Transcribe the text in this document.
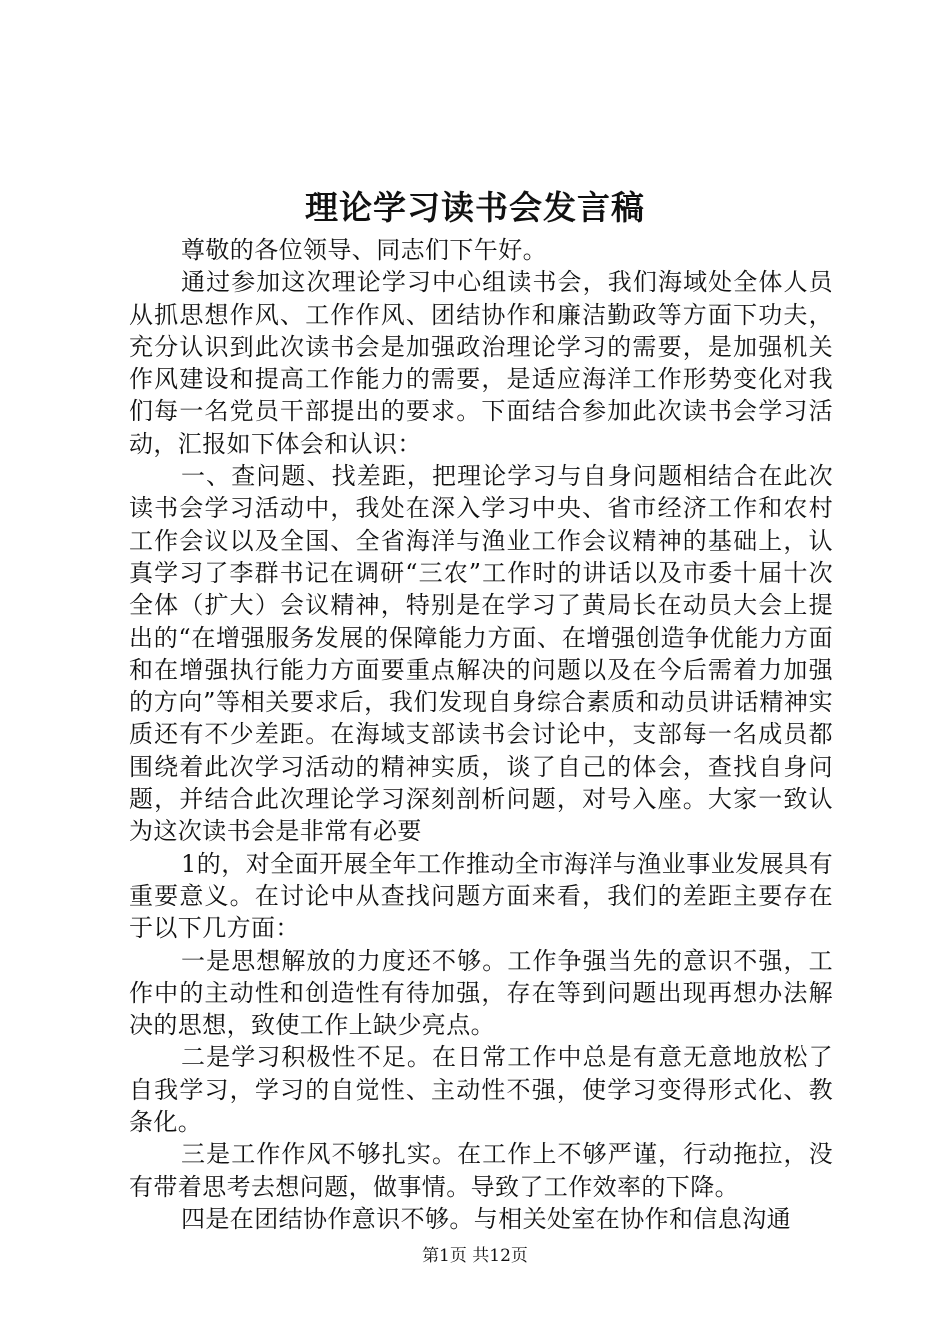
理论学习读书会发言稿

尊敬的各位领导、同志们下午好。

通过参加这次理论学习中心组读书会，我们海域处全体人员从抓思想作风、工作作风、团结协作和廉洁勤政等方面下功夫，充分认识到此次读书会是加强政治理论学习的需要，是加强机关作风建设和提高工作能力的需要，是适应海洋工作形势变化对我们每一名党员干部提出的要求。下面结合参加此次读书会学习活动，汇报如下体会和认识：

一、查问题、找差距，把理论学习与自身问题相结合在此次读书会学习活动中，我处在深入学习中央、省市经济工作和农村工作会议以及全国、全省海洋与渔业工作会议精神的基础上，认真学习了李群书记在调研“三农”工作时的讲话以及市委十届十次全体（扩大）会议精神，特别是在学习了黄局长在动员大会上提出的“在增强服务发展的保障能力方面、在增强创造争优能力方面和在增强执行能力方面要重点解决的问题以及在今后需着力加强的方向”等相关要求后，我们发现自身综合素质和动员讲话精神实质还有不少差距。在海域支部读书会讨论中，支部每一名成员都围绕着此次学习活动的精神实质，谈了自己的体会，查找自身问题，并结合此次理论学习深刻剖析问题，对号入座。大家一致认为这次读书会是非常有必要

1的，对全面开展全年工作推动全市海洋与渔业事业发展具有重要意义。在讨论中从查找问题方面来看，我们的差距主要存在于以下几方面：

一是思想解放的力度还不够。工作争强当先的意识不强，工作中的主动性和创造性有待加强，存在等到问题出现再想办法解决的思想，致使工作上缺少亮点。

二是学习积极性不足。在日常工作中总是有意无意地放松了自我学习，学习的自觉性、主动性不强，使学习变得形式化、教条化。

三是工作作风不够扎实。在工作上不够严谨，行动拖拉，没有带着思考去想问题，做事情。导致了工作效率的下降。

四是在团结协作意识不够。与相关处室在协作和信息沟通

第1页 共12页
